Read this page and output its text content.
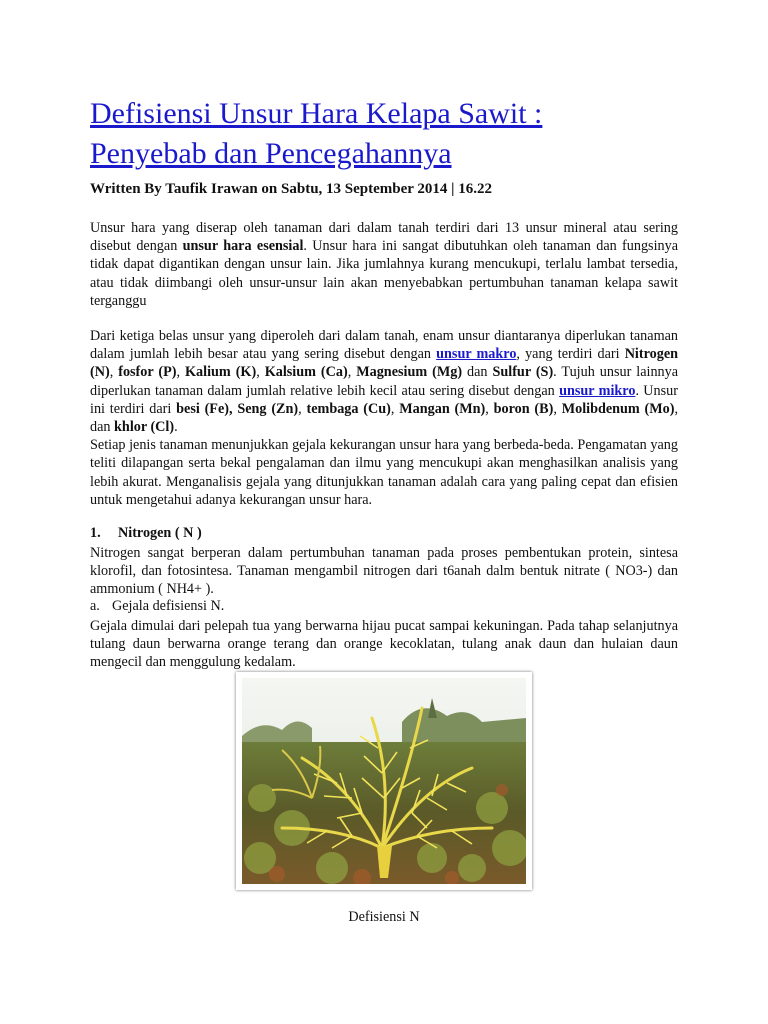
Defisiensi Unsur Hara Kelapa Sawit :
Penyebab dan Pencegahannya

Written By Taufik Irawan on Sabtu, 13 September 2014 | 16.22

Unsur hara yang diserap oleh tanaman dari dalam tanah terdiri dari 13 unsur mineral atau sering disebut dengan unsur hara esensial. Unsur hara ini sangat dibutuhkan oleh tanaman dan fungsinya tidak dapat digantikan dengan unsur lain. Jika jumlahnya kurang mencukupi, terlalu lambat tersedia, atau tidak diimbangi oleh unsur-unsur lain akan menyebabkan pertumbuhan tanaman kelapa sawit terganggu

Dari ketiga belas unsur yang diperoleh dari dalam tanah, enam unsur diantaranya diperlukan tanaman dalam jumlah lebih besar atau yang sering disebut dengan unsur makro, yang terdiri dari Nitrogen (N), fosfor (P), Kalium (K), Kalsium (Ca), Magnesium (Mg) dan Sulfur (S). Tujuh unsur lainnya diperlukan tanaman dalam jumlah relative lebih kecil atau sering disebut dengan unsur mikro. Unsur ini terdiri dari besi (Fe), Seng (Zn), tembaga (Cu), Mangan (Mn), boron (B), Molibdenum (Mo), dan khlor (Cl).
Setiap jenis tanaman menunjukkan gejala kekurangan unsur hara yang berbeda-beda. Pengamatan yang teliti dilapangan serta bekal pengalaman dan ilmu yang mencukupi akan menghasilkan analisis yang lebih akurat. Menganalisis gejala yang ditunjukkan tanaman adalah cara yang paling cepat dan efisien untuk mengetahui adanya kekurangan unsur hara.

1. Nitrogen ( N )

Nitrogen sangat berperan dalam pertumbuhan tanaman pada proses pembentukan protein, sintesa klorofil, dan fotosintesa. Tanaman mengambil nitrogen dari t6anah dalm bentuk nitrate ( NO3-) dan ammonium ( NH4+ ).

a. Gejala defisiensi N.

Gejala dimulai dari pelepah tua yang berwarna hijau pucat sampai kekuningan. Pada tahap selanjutnya tulang daun berwarna orange terang dan orange kecoklatan, tulang anak daun dan hulaian daun mengecil dan menggulung kedalam.

Defisiensi N
